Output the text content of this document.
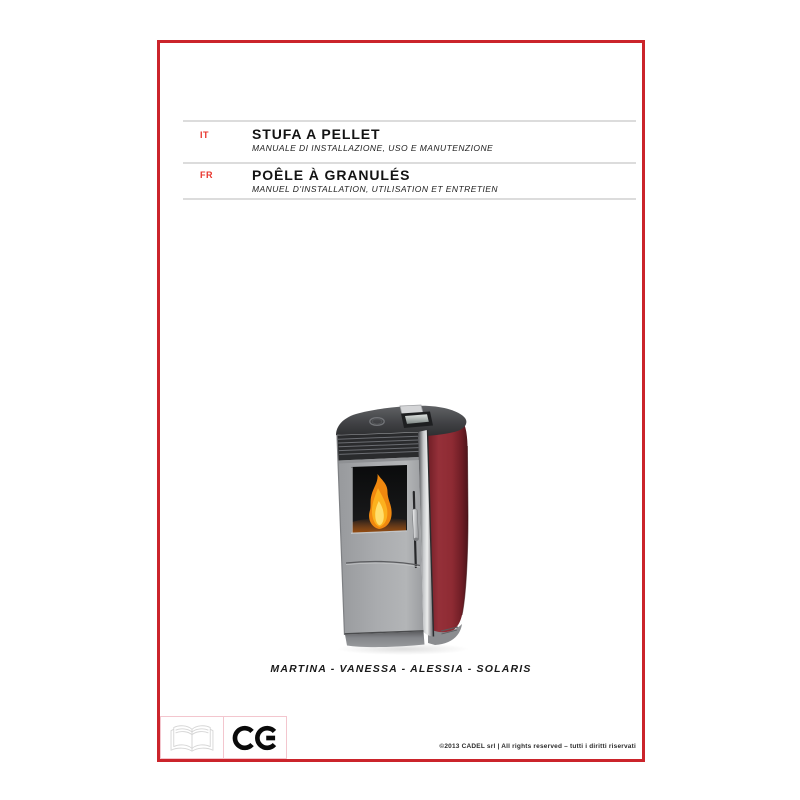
IT	STUFA A PELLET
MANUALE DI INSTALLAZIONE, USO E MANUTENZIONE
FR	POÊLE À GRANULÉS
MANUEL D'INSTALLATION, UTILISATION ET ENTRETIEN
MARTINA - VANESSA - ALESSIA - SOLARIS
©2013 CADEL srl | All rights reserved – tutti i diritti riservati
